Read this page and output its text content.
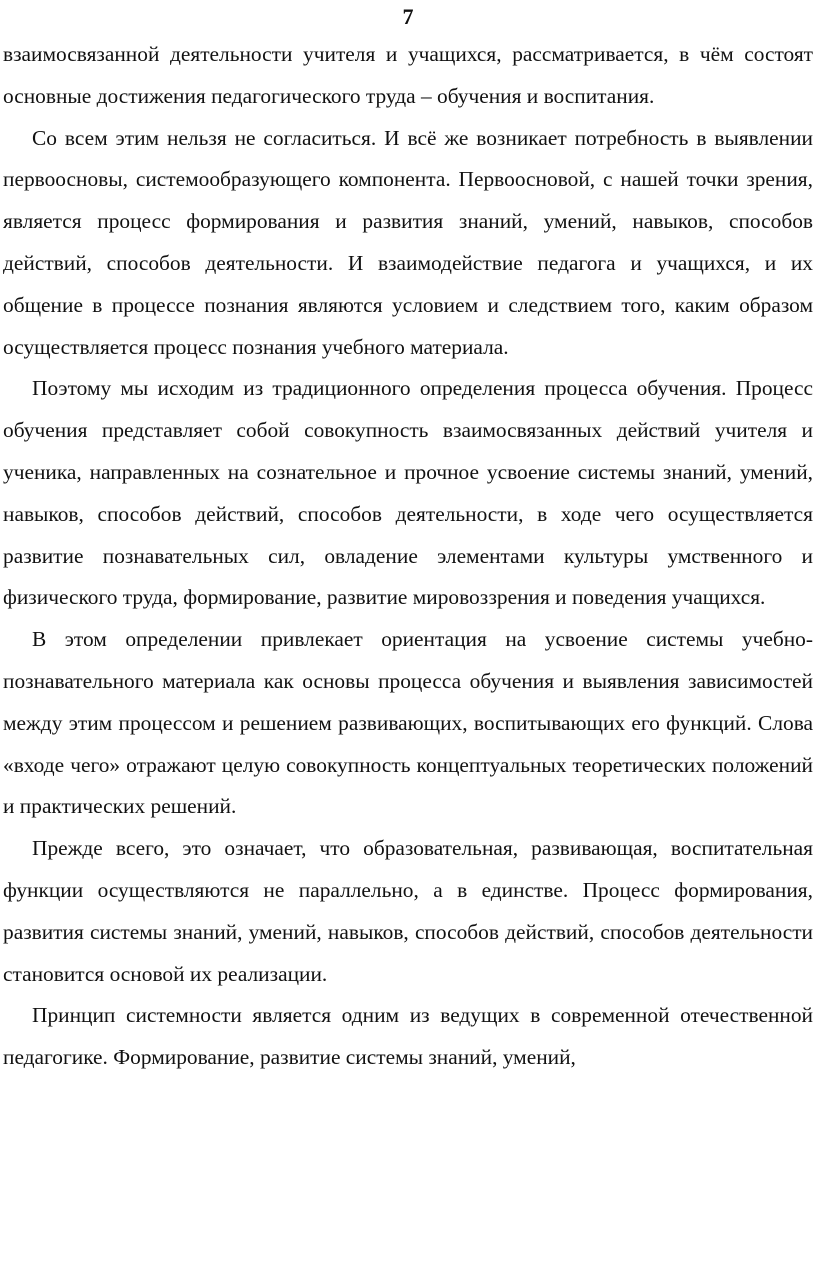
7

взаимосвязанной деятельности учителя и учащихся, рассматривается, в чём состоят основные достижения педагогического труда – обучения и воспитания.

Со всем этим нельзя не согласиться. И всё же возникает потребность в выявлении первоосновы, системообразующего компонента. Первоосновой, с нашей точки зрения, является процесс формирования и развития знаний, умений, навыков, способов действий, способов деятельности. И взаимодействие педагога и учащихся, и их общение в процессе познания являются условием и следствием того, каким образом осуществляется процесс познания учебного материала.

Поэтому мы исходим из традиционного определения процесса обучения. Процесс обучения представляет собой совокупность взаимосвязанных действий учителя и ученика, направленных на сознательное и прочное усвоение системы знаний, умений, навыков, способов действий, способов деятельности, в ходе чего осуществляется развитие познавательных сил, овладение элементами культуры умственного и физического труда, формирование, развитие мировоззрения и поведения учащихся.

В этом определении привлекает ориентация на усвоение системы учебно-познавательного материала как основы процесса обучения и выявления зависимостей между этим процессом и решением развивающих, воспитывающих его функций. Слова «входе чего» отражают целую совокупность концептуальных теоретических положений и практических решений.

Прежде всего, это означает, что образовательная, развивающая, воспитательная функции осуществляются не параллельно, а в единстве. Процесс формирования, развития системы знаний, умений, навыков, способов действий, способов деятельности становится основой их реализации.

Принцип системности является одним из ведущих в современной отечественной педагогике. Формирование, развитие системы знаний, умений,
